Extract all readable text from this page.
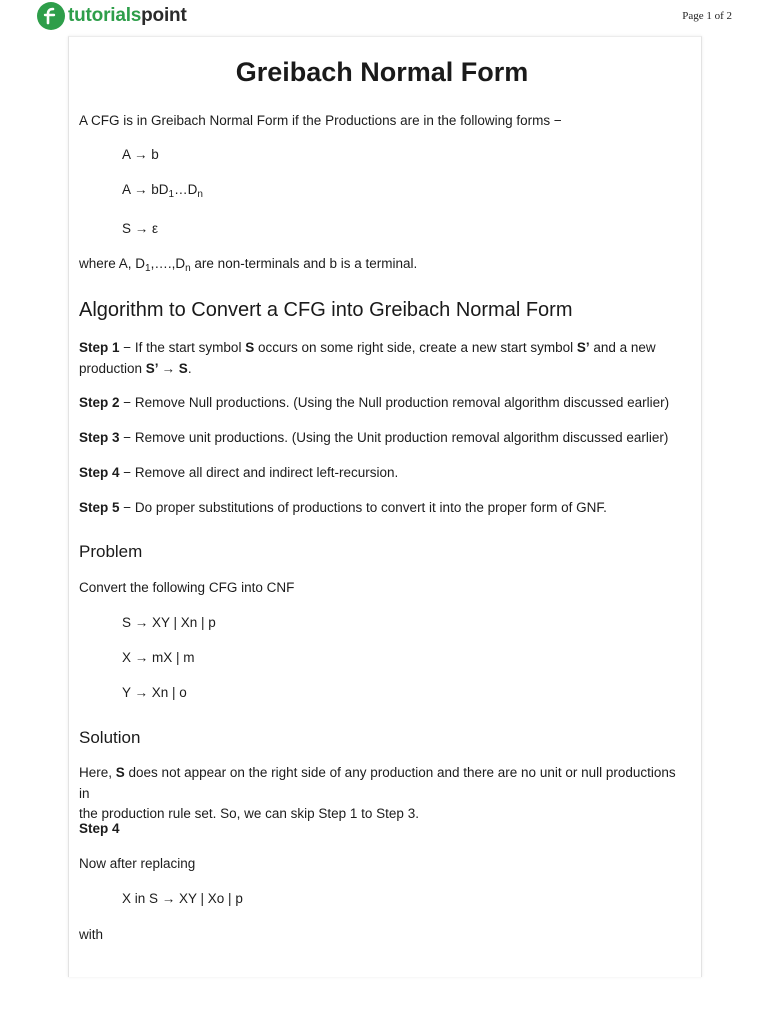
tutorialspoint	Page 1 of 2
Greibach Normal Form
A CFG is in Greibach Normal Form if the Productions are in the following forms −
A → b
$A \to bD_1\dots D_n$
S → ε
where A, $D_1,\dots.,D_n$ are non-terminals and b is a terminal.
Algorithm to Convert a CFG into Greibach Normal Form
Step 1 − If the start symbol S occurs on some right side, create a new start symbol S’ and a new
production S’ → S.
Step 2 − Remove Null productions. (Using the Null production removal algorithm discussed earlier)
Step 3 − Remove unit productions. (Using the Unit production removal algorithm discussed earlier)
Step 4 − Remove all direct and indirect left-recursion.
Step 5 − Do proper substitutions of productions to convert it into the proper form of GNF.
Problem
Convert the following CFG into CNF
S → XY | Xn | p
X → mX | m
Y → Xn | o
Solution
Here, S does not appear on the right side of any production and there are no unit or null productions in
the production rule set. So, we can skip Step 1 to Step 3.
Step 4
Now after replacing
X in S → XY | Xo | p
with
